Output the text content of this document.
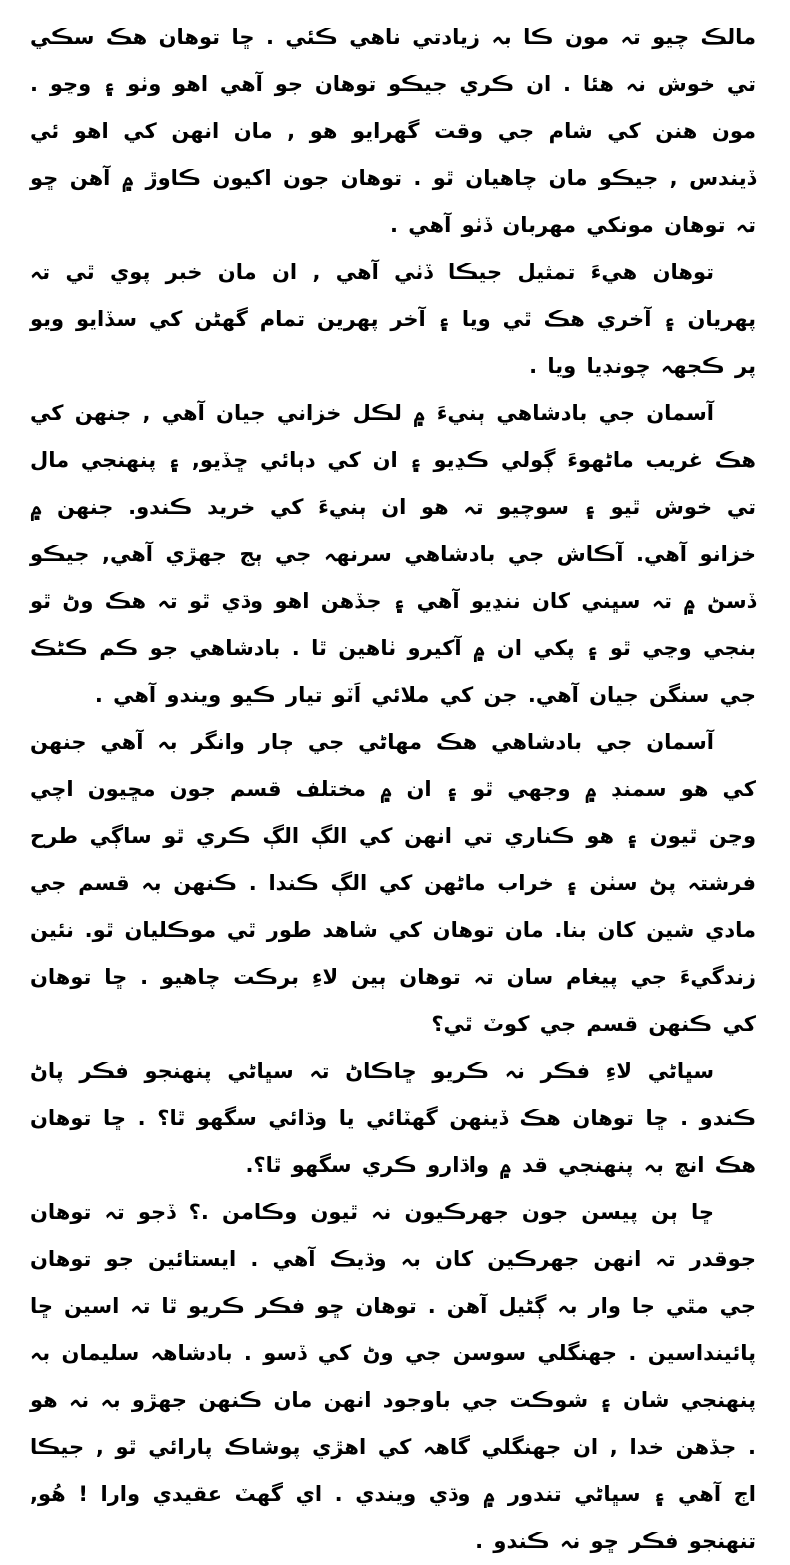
مالڪ چيو تہ مون ڪا بہ زيادتي ناهي ڪئي . ڇا توهان هڪ سڪي تي خوش نہ هئا . ان ڪري جيڪو توهان جو آهي اهو وٺو ۽ وڃو . مون هنن کي شام جي وقت گهرايو هو , مان انهن کي اهو ئي ڏيندس , جيڪو مان چاهيان ٿو . توهان جون اکيون ڪاوڙ ۾ آهن ڇو تہ توهان مونکي مهربان ڏٺو آهي .

توهان هيءَ تمثيل جيڪا ڏٺي آهي , ان مان خبر پوي ٿي تہ پهريان ۽ آخري هڪ ٿي ويا ۽ آخر پهرين تمام گهڻن کي سڏايو ويو پر ڪجهہ چونڊيا ويا .

آسمان جي بادشاهي ٻنيءَ ۾ لڪل خزاني جيان آهي , جنهن کي هڪ غريب ماڻهوءَ ڳولي ڪڍيو ۽ ان کي دٻائي ڇڏيو, ۽ پنهنجي مال تي خوش ٿيو ۽ سوچيو تہ هو ان ٻنيءَ کي خريد ڪندو. جنهن ۾ خزانو آهي. آڪاش جي بادشاهي سرنهہ جي ٻج جهڙي آهي, جيڪو ڏسڻ ۾ تہ سڀني کان ننڍيو آهي ۽ جڏهن اهو وڌي ٿو تہ هڪ وڻ ٿو بنجي وڃي ٿو ۽ پکي ان ۾ آکيرو ٺاهين ٿا . بادشاهي جو ڪم ڪڻڪ جي سنگن جيان آهي. جن کي ملائي اَٽو تيار ڪيو ويندو آهي .

آسمان جي بادشاهي هڪ مهاڻي جي ڄار وانگر بہ آهي جنهن کي هو سمنڊ ۾ وجهي ٿو ۽ ان ۾ مختلف قسم جون مڇيون اچي وڃن ٿيون ۽ هو ڪناري تي انهن کي الڳ الڳ ڪري ٿو ساڳي طرح فرشتہ پڻ سٺن ۽ خراب ماڻهن کي الڳ ڪندا . ڪنهن بہ قسم جي مادي شين کان بنا. مان توهان کي شاهد طور ٿي موڪليان ٿو. نئين زندگيءَ جي پيغام سان تہ توهان ٻين لاءِ برڪت چاهيو . ڇا توهان کي ڪنهن قسم جي کوٽ ٿي؟

سڀاڻي لاءِ فڪر نہ ڪريو ڇاڪاڻ تہ سڀاڻي پنهنجو فڪر پاڻ ڪندو . ڇا توهان هڪ ڏينهن گهٽائي يا وڌائي سگهو ٿا؟ . ڇا توهان هڪ انچ بہ پنهنجي قد ۾ واڌارو ڪري سگهو ٿا؟.

ڇا ٻن پيسن جون جهرڪيون نہ ٿيون وڪامن .؟ ڏجو تہ توهان جوقدر تہ انهن جهرڪين کان بہ وڌيڪ آهي . ايستائين جو توهان جي مٿي جا وار بہ ڳڻيل آهن . توهان ڇو فڪر ڪريو ٿا تہ اسين ڇا پائينداسين . جهنگلي سوسن جي وڻ کي ڏسو . بادشاهہ سليمان بہ پنهنجي شان ۽ شوڪت جي باوجود انهن مان ڪنهن جهڙو بہ نہ هو . جڏهن خدا , ان جهنگلي گاهہ کي اهڙي پوشاڪ پارائي ٿو , جيڪا اڄ آهي ۽ سڀاڻي تندور ۾ وڌي ويندي . اي گهٽ عقيدي وارا ! هُو, تنهنجو فڪر ڇو نہ ڪندو .
